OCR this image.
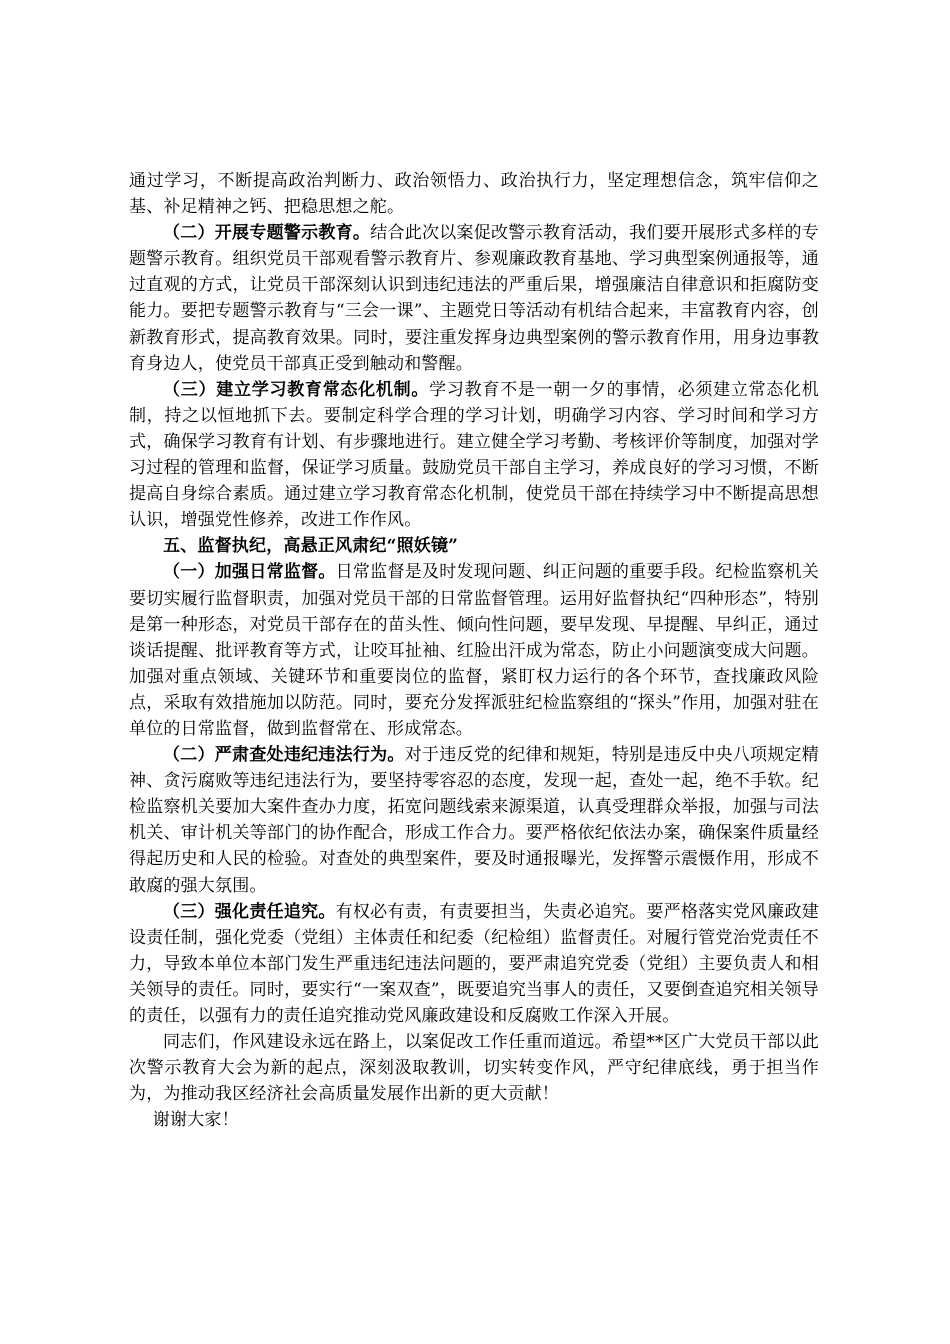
通过学习，不断提高政治判断力、政治领悟力、政治执行力，坚定理想信念，筑牢信仰之基、补足精神之钙、把稳思想之舵。

（二）开展专题警示教育。结合此次以案促改警示教育活动，我们要开展形式多样的专题警示教育。组织党员干部观看警示教育片、参观廉政教育基地、学习典型案例通报等，通过直观的方式，让党员干部深刻认识到违纪违法的严重后果，增强廉洁自律意识和拒腐防变能力。要把专题警示教育与“三会一课”、主题党日等活动有机结合起来，丰富教育内容，创新教育形式，提高教育效果。同时，要注重发挥身边典型案例的警示教育作用，用身边事教育身边人，使党员干部真正受到触动和警醒。

（三）建立学习教育常态化机制。学习教育不是一朝一夕的事情，必须建立常态化机制，持之以恒地抓下去。要制定科学合理的学习计划，明确学习内容、学习时间和学习方式，确保学习教育有计划、有步骤地进行。建立健全学习考勤、考核评价等制度，加强对学习过程的管理和监督，保证学习质量。鼓励党员干部自主学习，养成良好的学习习惯，不断提高自身综合素质。通过建立学习教育常态化机制，使党员干部在持续学习中不断提高思想认识，增强党性修养，改进工作作风。

五、监督执纪，高悬正风肃纪“照妖镜”

（一）加强日常监督。日常监督是及时发现问题、纠正问题的重要手段。纪检监察机关要切实履行监督职责，加强对党员干部的日常监督管理。运用好监督执纪“四种形态”，特别是第一种形态，对党员干部存在的苗头性、倾向性问题，要早发现、早提醒、早纠正，通过谈话提醒、批评教育等方式，让咬耳扯袖、红脸出汗成为常态，防止小问题演变成大问题。加强对重点领域、关键环节和重要岗位的监督，紧盯权力运行的各个环节，查找廉政风险点，采取有效措施加以防范。同时，要充分发挥派驻纪检监察组的“探头”作用，加强对驻在单位的日常监督，做到监督常在、形成常态。

（二）严肃查处违纪违法行为。对于违反党的纪律和规矩，特别是违反中央八项规定精神、贪污腐败等违纪违法行为，要坚持零容忍的态度，发现一起，查处一起，绝不手软。纪检监察机关要加大案件查办力度，拓宽问题线索来源渠道，认真受理群众举报，加强与司法机关、审计机关等部门的协作配合，形成工作合力。要严格依纪依法办案，确保案件质量经得起历史和人民的检验。对查处的典型案件，要及时通报曝光，发挥警示震慑作用，形成不敢腐的强大氛围。

（三）强化责任追究。有权必有责，有责要担当，失责必追究。要严格落实党风廉政建设责任制，强化党委（党组）主体责任和纪委（纪检组）监督责任。对履行管党治党责任不力，导致本单位本部门发生严重违纪违法问题的，要严肃追究党委（党组）主要负责人和相关领导的责任。同时，要实行“一案双查”，既要追究当事人的责任，又要倒查追究相关领导的责任，以强有力的责任追究推动党风廉政建设和反腐败工作深入开展。

同志们，作风建设永远在路上，以案促改工作任重而道远。希望**区广大党员干部以此次警示教育大会为新的起点，深刻汲取教训，切实转变作风，严守纪律底线，勇于担当作为，为推动我区经济社会高质量发展作出新的更大贡献！

谢谢大家！
